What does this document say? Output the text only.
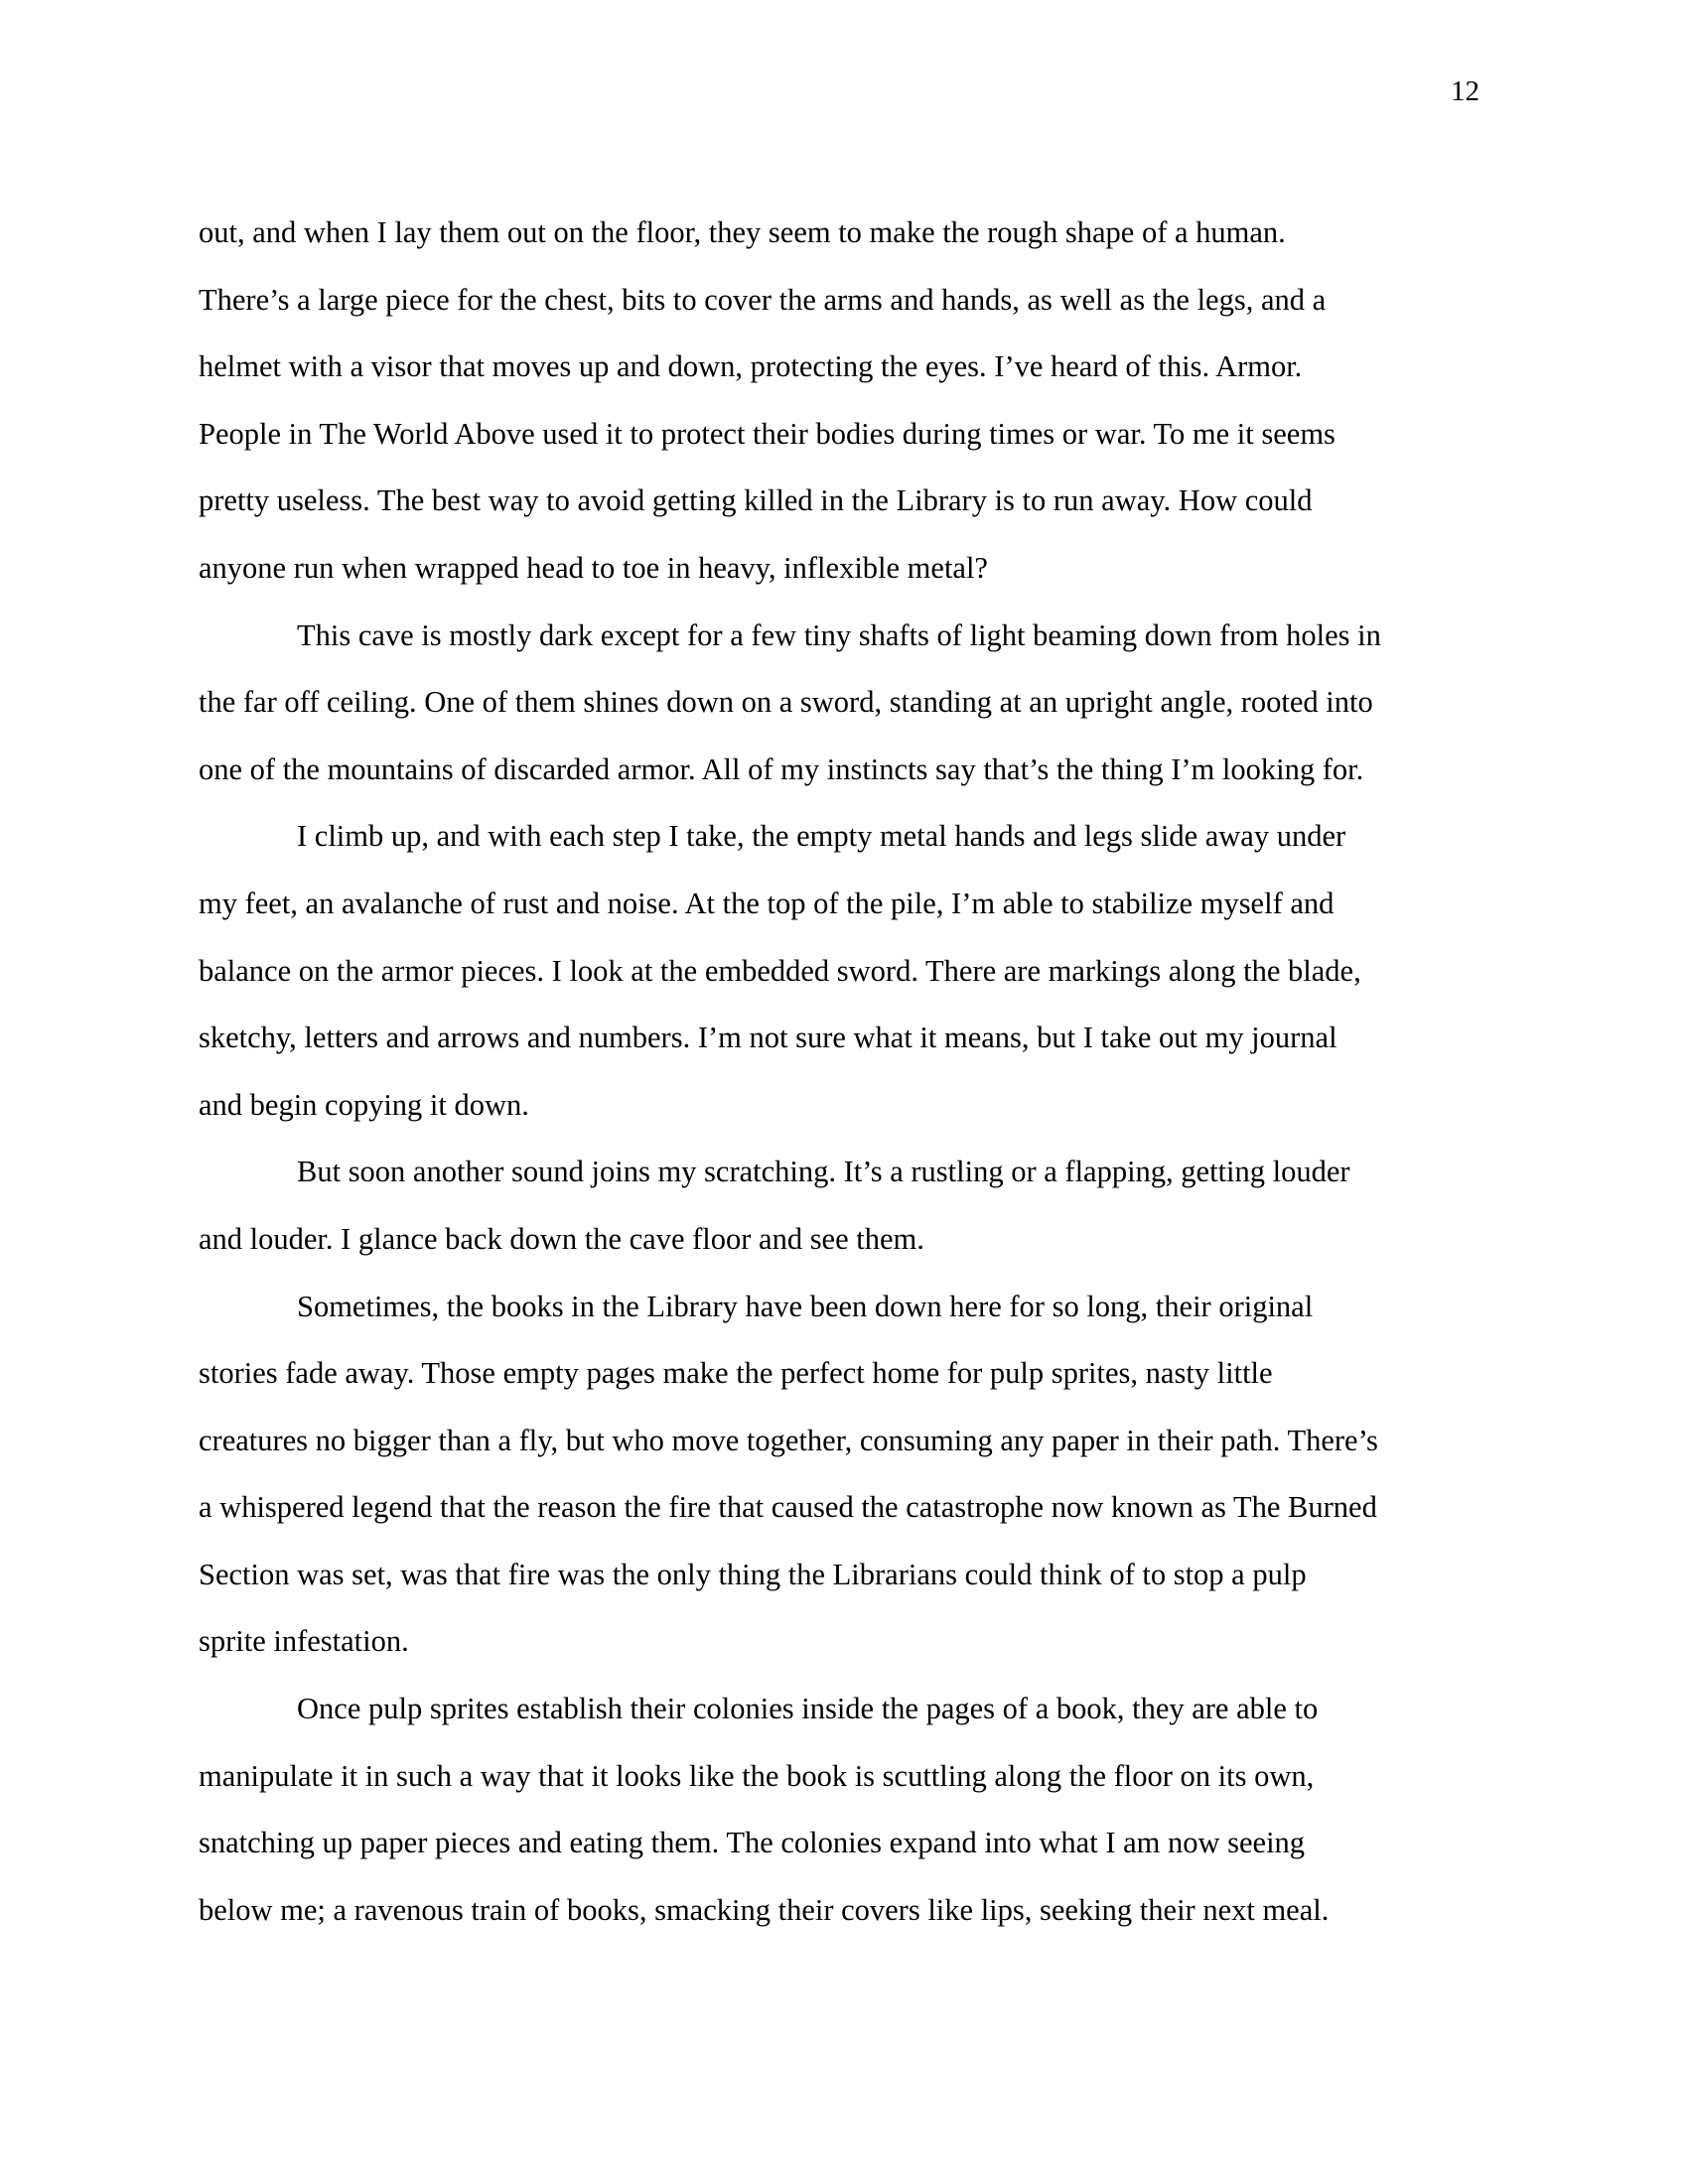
12

out, and when I lay them out on the floor, they seem to make the rough shape of a human.
There’s a large piece for the chest, bits to cover the arms and hands, as well as the legs, and a
helmet with a visor that moves up and down, protecting the eyes. I’ve heard of this. Armor.
People in The World Above used it to protect their bodies during times or war. To me it seems
pretty useless. The best way to avoid getting killed in the Library is to run away. How could
anyone run when wrapped head to toe in heavy, inflexible metal?

This cave is mostly dark except for a few tiny shafts of light beaming down from holes in
the far off ceiling. One of them shines down on a sword, standing at an upright angle, rooted into
one of the mountains of discarded armor. All of my instincts say that’s the thing I’m looking for.

I climb up, and with each step I take, the empty metal hands and legs slide away under
my feet, an avalanche of rust and noise. At the top of the pile, I’m able to stabilize myself and
balance on the armor pieces. I look at the embedded sword. There are markings along the blade,
sketchy, letters and arrows and numbers. I’m not sure what it means, but I take out my journal
and begin copying it down.

But soon another sound joins my scratching. It’s a rustling or a flapping, getting louder
and louder. I glance back down the cave floor and see them.

Sometimes, the books in the Library have been down here for so long, their original
stories fade away. Those empty pages make the perfect home for pulp sprites, nasty little
creatures no bigger than a fly, but who move together, consuming any paper in their path. There’s
a whispered legend that the reason the fire that caused the catastrophe now known as The Burned
Section was set, was that fire was the only thing the Librarians could think of to stop a pulp
sprite infestation.

Once pulp sprites establish their colonies inside the pages of a book, they are able to
manipulate it in such a way that it looks like the book is scuttling along the floor on its own,
snatching up paper pieces and eating them. The colonies expand into what I am now seeing
below me; a ravenous train of books, smacking their covers like lips, seeking their next meal.
